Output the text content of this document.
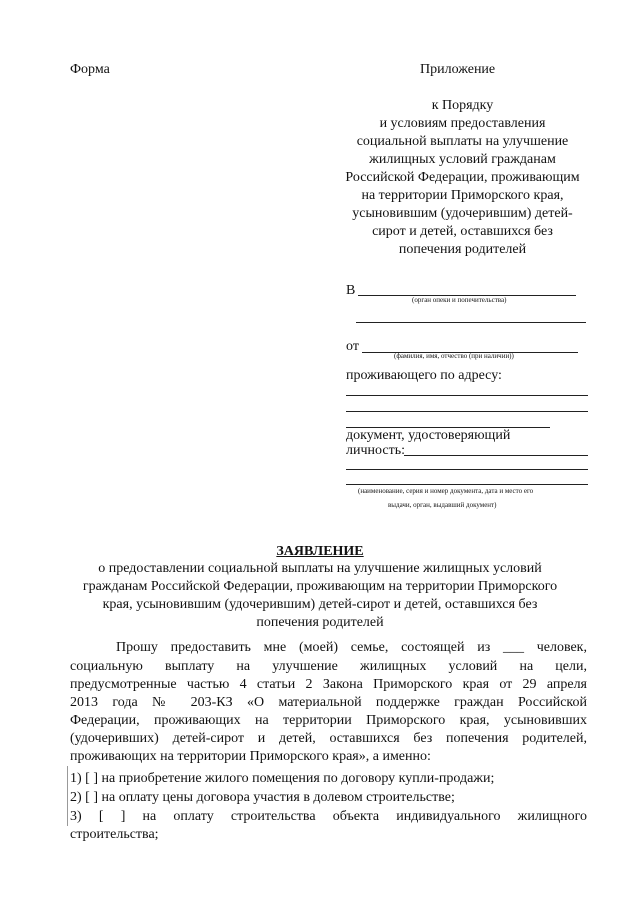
Форма	Приложение
к Порядку
и условиям предоставления
социальной выплаты на улучшение
жилищных условий гражданам
Российской Федерации, проживающим
на территории Приморского края,
усыновившим (удочерившим) детей-
сирот и детей, оставшихся без
попечения родителей
В
(орган опеки и попечительства)
от
(фамилия, имя, отчество (при наличии))
проживающего по адресу:
документ, удостоверяющий
личность:
(наименование, серия и номер документа, дата и место его
выдачи, орган, выдавший документ)
ЗАЯВЛЕНИЕ
о предоставлении социальной выплаты на улучшение жилищных условий
гражданам Российской Федерации, проживающим на территории Приморского
края, усыновившим (удочерившим) детей-сирот и детей, оставшихся без
попечения родителей
Прошу предоставить мне (моей) семье, состоящей из ___ человек,
социальную выплату на улучшение жилищных условий на цели,
предусмотренные частью 4 статьи 2 Закона Приморского края от 29 апреля
2013 года № 203-КЗ «О материальной поддержке граждан Российской
Федерации, проживающих на территории Приморского края, усыновивших
(удочеривших) детей-сирот и детей, оставшихся без попечения родителей,
проживающих на территории Приморского края», а именно:
1) [ ] на приобретение жилого помещения по договору купли-продажи;
2) [ ] на оплату цены договора участия в долевом строительстве;
3) [ ] на оплату строительства объекта индивидуального жилищного
строительства;
